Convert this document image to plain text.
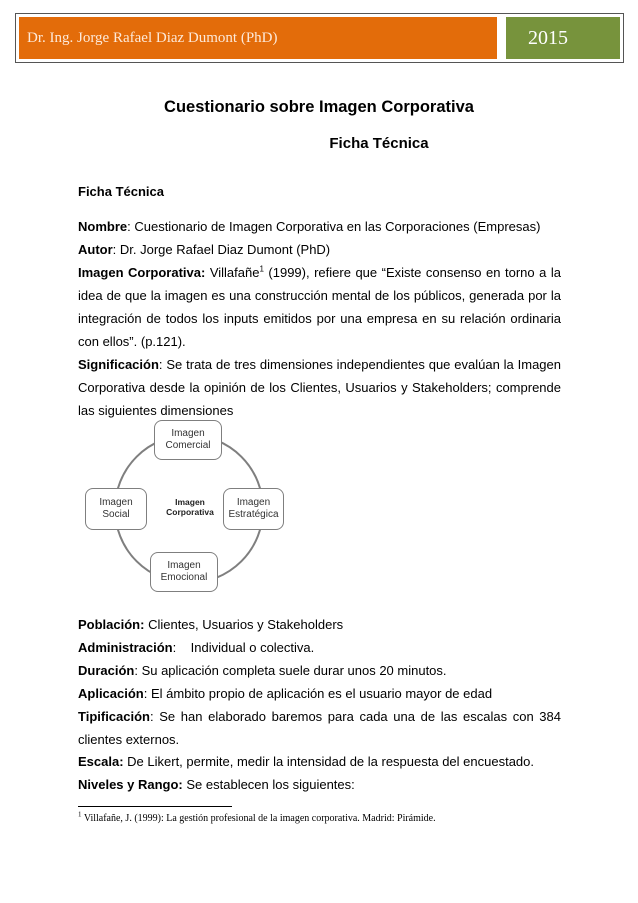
Dr. Ing. Jorge Rafael Diaz Dumont (PhD)	2015
Cuestionario sobre Imagen Corporativa
Ficha Técnica
Ficha Técnica
Nombre: Cuestionario de Imagen Corporativa en las Corporaciones (Empresas)
Autor: Dr. Jorge Rafael Diaz Dumont (PhD)
Imagen Corporativa: Villafañe$^1$ (1999), refiere que “Existe consenso en torno a la idea de que la imagen es una construcción mental de los públicos, generada por la integración de todos los inputs emitidos por una empresa en su relación ordinaria con ellos”. (p.121).
Significación: Se trata de tres dimensiones independientes que evalúan la Imagen Corporativa desde la opinión de los Clientes, Usuarios y Stakeholders; comprende las siguientes dimensiones
Imagen Corporativa
Imagen Comercial
Imagen Social
Imagen Estratégica
Imagen Emocional
Población: Clientes, Usuarios y Stakeholders
Administración:    Individual o colectiva.
Duración: Su aplicación completa suele durar unos 20 minutos.
Aplicación: El ámbito propio de aplicación es el usuario mayor de edad
Tipificación: Se han elaborado baremos para cada una de las escalas con 384 clientes externos.
Escala: De Likert, permite, medir la intensidad de la respuesta del encuestado.
Niveles y Rango: Se establecen los siguientes:
$^1$ Villafañe, J. (1999): La gestión profesional de la imagen corporativa. Madrid: Pirámide.
